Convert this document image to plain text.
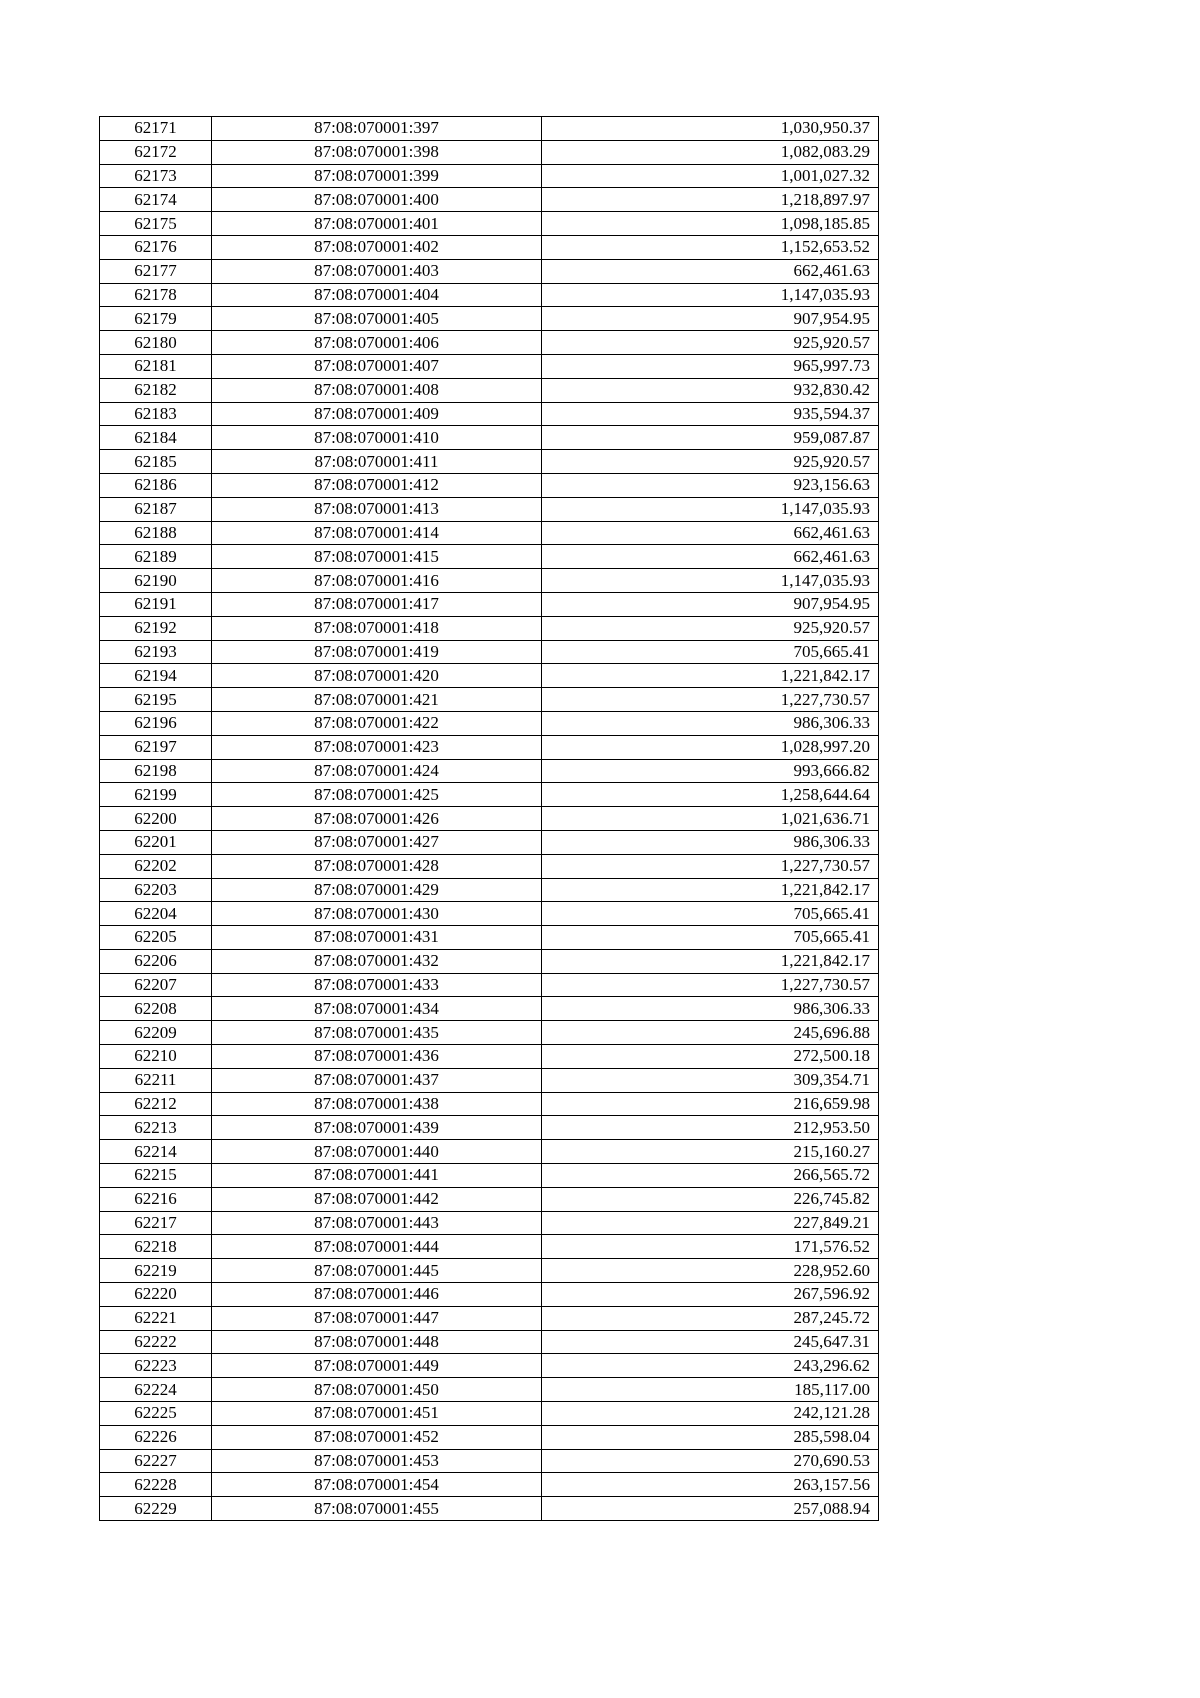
62171	87:08:070001:397	1,030,950.37
62172	87:08:070001:398	1,082,083.29
62173	87:08:070001:399	1,001,027.32
62174	87:08:070001:400	1,218,897.97
62175	87:08:070001:401	1,098,185.85
62176	87:08:070001:402	1,152,653.52
62177	87:08:070001:403	662,461.63
62178	87:08:070001:404	1,147,035.93
62179	87:08:070001:405	907,954.95
62180	87:08:070001:406	925,920.57
62181	87:08:070001:407	965,997.73
62182	87:08:070001:408	932,830.42
62183	87:08:070001:409	935,594.37
62184	87:08:070001:410	959,087.87
62185	87:08:070001:411	925,920.57
62186	87:08:070001:412	923,156.63
62187	87:08:070001:413	1,147,035.93
62188	87:08:070001:414	662,461.63
62189	87:08:070001:415	662,461.63
62190	87:08:070001:416	1,147,035.93
62191	87:08:070001:417	907,954.95
62192	87:08:070001:418	925,920.57
62193	87:08:070001:419	705,665.41
62194	87:08:070001:420	1,221,842.17
62195	87:08:070001:421	1,227,730.57
62196	87:08:070001:422	986,306.33
62197	87:08:070001:423	1,028,997.20
62198	87:08:070001:424	993,666.82
62199	87:08:070001:425	1,258,644.64
62200	87:08:070001:426	1,021,636.71
62201	87:08:070001:427	986,306.33
62202	87:08:070001:428	1,227,730.57
62203	87:08:070001:429	1,221,842.17
62204	87:08:070001:430	705,665.41
62205	87:08:070001:431	705,665.41
62206	87:08:070001:432	1,221,842.17
62207	87:08:070001:433	1,227,730.57
62208	87:08:070001:434	986,306.33
62209	87:08:070001:435	245,696.88
62210	87:08:070001:436	272,500.18
62211	87:08:070001:437	309,354.71
62212	87:08:070001:438	216,659.98
62213	87:08:070001:439	212,953.50
62214	87:08:070001:440	215,160.27
62215	87:08:070001:441	266,565.72
62216	87:08:070001:442	226,745.82
62217	87:08:070001:443	227,849.21
62218	87:08:070001:444	171,576.52
62219	87:08:070001:445	228,952.60
62220	87:08:070001:446	267,596.92
62221	87:08:070001:447	287,245.72
62222	87:08:070001:448	245,647.31
62223	87:08:070001:449	243,296.62
62224	87:08:070001:450	185,117.00
62225	87:08:070001:451	242,121.28
62226	87:08:070001:452	285,598.04
62227	87:08:070001:453	270,690.53
62228	87:08:070001:454	263,157.56
62229	87:08:070001:455	257,088.94
